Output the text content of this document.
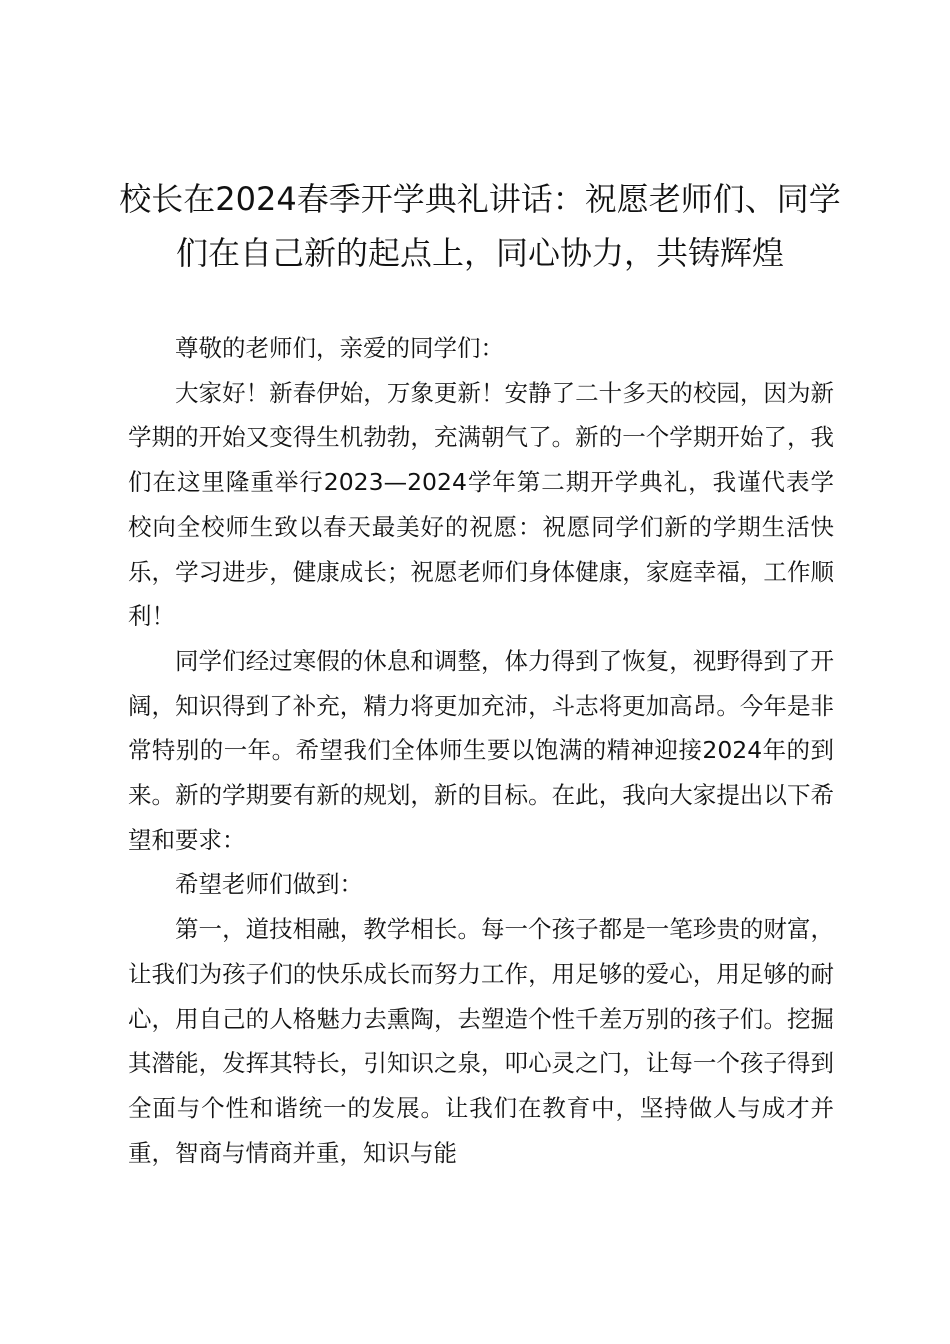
校长在2024春季开学典礼讲话：祝愿老师们、同学们在自己新的起点上，同心协力，共铸辉煌

尊敬的老师们，亲爱的同学们：

大家好！新春伊始，万象更新！安静了二十多天的校园，因为新学期的开始又变得生机勃勃，充满朝气了。新的一个学期开始了，我们在这里隆重举行2023—2024学年第二期开学典礼，我谨代表学校向全校师生致以春天最美好的祝愿：祝愿同学们新的学期生活快乐，学习进步，健康成长；祝愿老师们身体健康，家庭幸福，工作顺利！

同学们经过寒假的休息和调整，体力得到了恢复，视野得到了开阔，知识得到了补充，精力将更加充沛，斗志将更加高昂。今年是非常特别的一年。希望我们全体师生要以饱满的精神迎接2024年的到来。新的学期要有新的规划，新的目标。在此，我向大家提出以下希望和要求：

希望老师们做到：

第一，道技相融，教学相长。每一个孩子都是一笔珍贵的财富，让我们为孩子们的快乐成长而努力工作，用足够的爱心，用足够的耐心，用自己的人格魅力去熏陶，去塑造个性千差万别的孩子们。挖掘其潜能，发挥其特长，引知识之泉，叩心灵之门，让每一个孩子得到全面与个性和谐统一的发展。让我们在教育中，坚持做人与成才并重，智商与情商并重，知识与能
